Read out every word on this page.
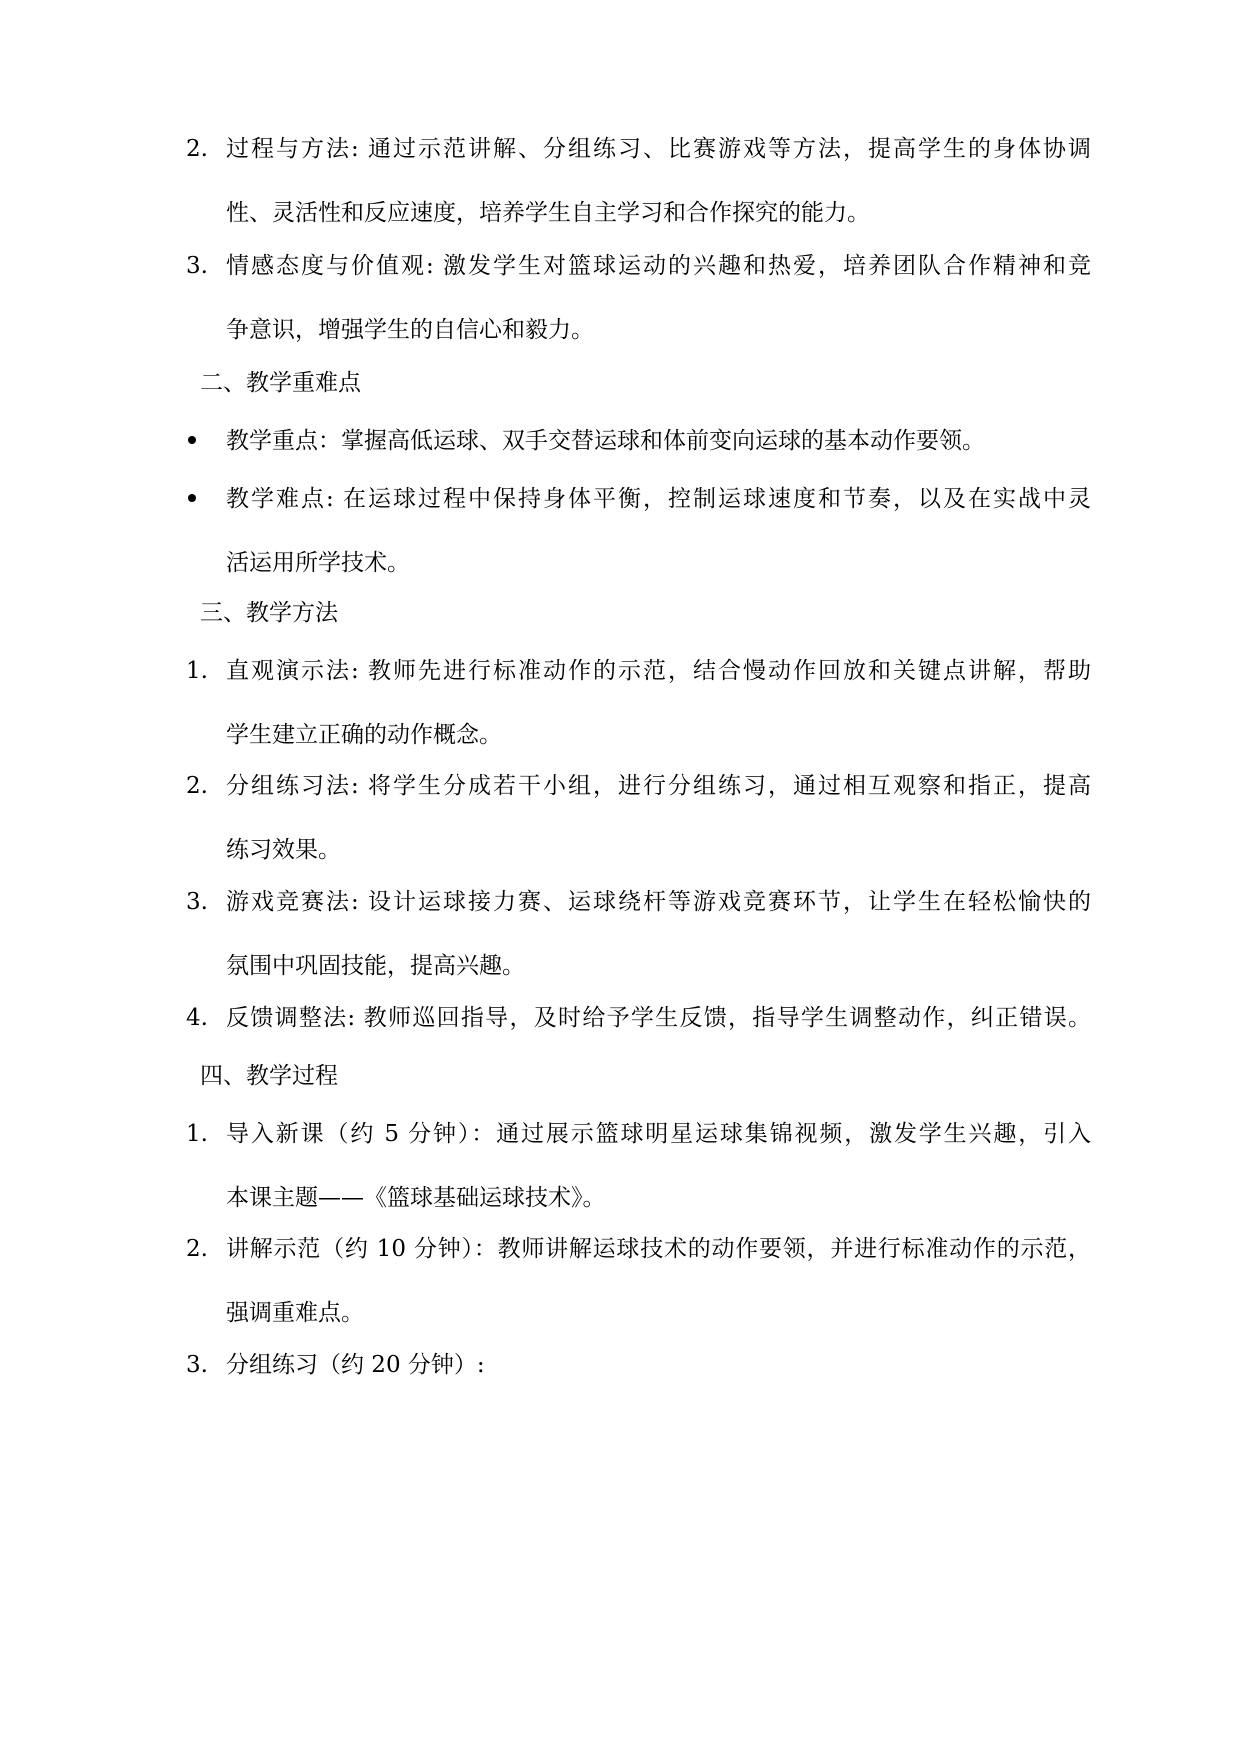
2. 过程与方法: 通过示范讲解、分组练习、比赛游戏等方法，提高学生的身体协调
性、灵活性和反应速度，培养学生自主学习和合作探究的能力。
3. 情感态度与价值观: 激发学生对篮球运动的兴趣和热爱，培养团队合作精神和竞
争意识，增强学生的自信心和毅力。
二、教学重难点
教学重点：掌握高低运球、双手交替运球和体前变向运球的基本动作要领。
教学难点: 在运球过程中保持身体平衡，控制运球速度和节奏，以及在实战中灵
活运用所学技术。
三、教学方法
1. 直观演示法: 教师先进行标准动作的示范，结合慢动作回放和关键点讲解，帮助
学生建立正确的动作概念。
2. 分组练习法: 将学生分成若干小组，进行分组练习，通过相互观察和指正，提高
练习效果。
3. 游戏竞赛法: 设计运球接力赛、运球绕杆等游戏竞赛环节，让学生在轻松愉快的
氛围中巩固技能，提高兴趣。
4. 反馈调整法: 教师巡回指导，及时给予学生反馈，指导学生调整动作，纠正错误。
四、教学过程
1. 导入新课（约 5 分钟）：通过展示篮球明星运球集锦视频，激发学生兴趣，引入
本课主题——《篮球基础运球技术》。
2. 讲解示范（约 10 分钟）：教师讲解运球技术的动作要领，并进行标准动作的示范，
强调重难点。
3. 分组练习（约 20 分钟）:
